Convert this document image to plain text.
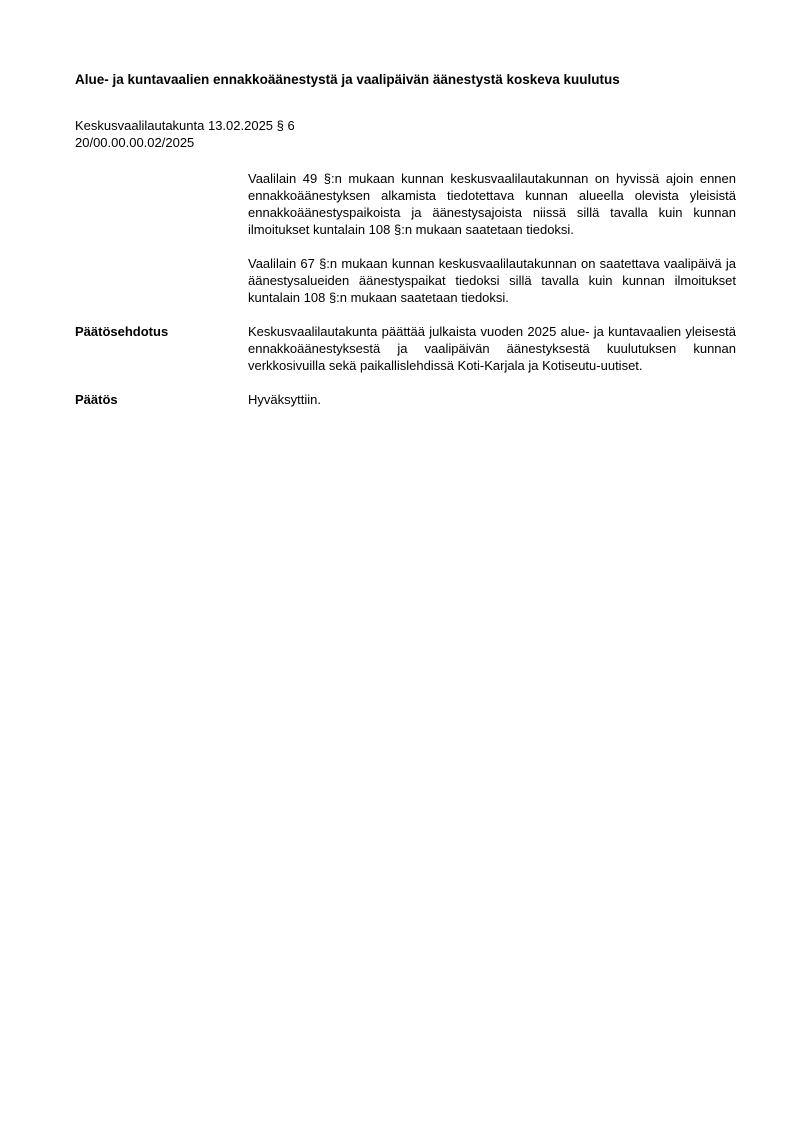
Alue- ja kuntavaalien ennakkoäänestystä ja vaalipäivän äänestystä koskeva kuulutus
Keskusvaalilautakunta 13.02.2025 § 6
20/00.00.00.02/2025

Vaalilain 49 §:n mukaan kunnan keskusvaalilautakunnan on hyvissä ajoin ennen ennakkoäänestyksen alkamista tiedotettava kunnan alueella olevista yleisistä ennakkoäänestyspaikoista ja äänestysajoista niissä sillä tavalla kuin kunnan ilmoitukset kuntalain 108 §:n mukaan saatetaan tiedoksi.

Vaalilain 67 §:n mukaan kunnan keskusvaalilautakunnan on saatettava vaalipäivä ja äänestysalueiden äänestyspaikat tiedoksi sillä tavalla kuin kunnan ilmoitukset kuntalain 108 §:n mukaan saatetaan tiedoksi.

Päätösehdotus	Keskusvaalilautakunta päättää julkaista vuoden 2025 alue- ja kuntavaalien yleisestä ennakkoäänestyksestä ja vaalipäivän äänestyksestä kuulutuksen kunnan verkkosivuilla sekä paikallislehdissä Koti-Karjala ja Kotiseutu-uutiset.

Päätös	Hyväksyttiin.
